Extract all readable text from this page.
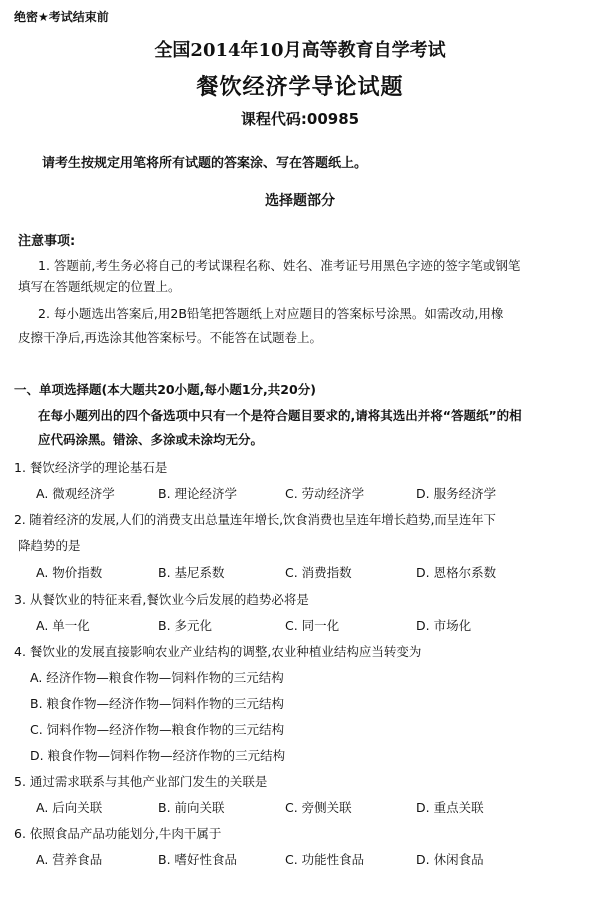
绝密★考试结束前
全国2014年10月高等教育自学考试
餐饮经济学导论试题
课程代码:00985
请考生按规定用笔将所有试题的答案涂、写在答题纸上。
选择题部分
注意事项:
1. 答题前,考生务必将自己的考试课程名称、姓名、准考证号用黑色字迹的签字笔或钢笔
填写在答题纸规定的位置上。
2. 每小题选出答案后,用2B铅笔把答题纸上对应题目的答案标号涂黑。如需改动,用橡
皮擦干净后,再选涂其他答案标号。不能答在试题卷上。
一、单项选择题(本大题共20小题,每小题1分,共20分)
在每小题列出的四个备选项中只有一个是符合题目要求的,请将其选出并将“答题纸”的相
应代码涂黑。错涂、多涂或未涂均无分。
1. 餐饮经济学的理论基石是
A. 微观经济学	B. 理论经济学	C. 劳动经济学	D. 服务经济学
2. 随着经济的发展,人们的消费支出总量连年增长,饮食消费也呈连年增长趋势,而呈连年下
降趋势的是
A. 物价指数	B. 基尼系数	C. 消费指数	D. 恩格尔系数
3. 从餐饮业的特征来看,餐饮业今后发展的趋势必将是
A. 单一化	B. 多元化	C. 同一化	D. 市场化
4. 餐饮业的发展直接影响农业产业结构的调整,农业种植业结构应当转变为
A. 经济作物—粮食作物—饲料作物的三元结构
B. 粮食作物—经济作物—饲料作物的三元结构
C. 饲料作物—经济作物—粮食作物的三元结构
D. 粮食作物—饲料作物—经济作物的三元结构
5. 通过需求联系与其他产业部门发生的关联是
A. 后向关联	B. 前向关联	C. 旁侧关联	D. 重点关联
6. 依照食品产品功能划分,牛肉干属于
A. 营养食品	B. 嗜好性食品	C. 功能性食品	D. 休闲食品
